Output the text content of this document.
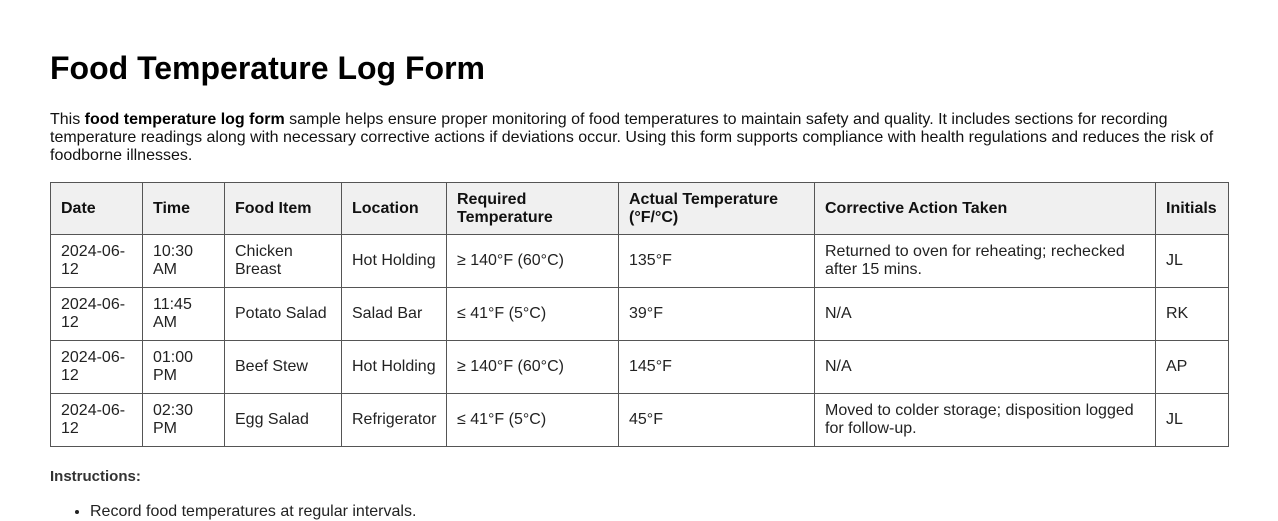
Food Temperature Log Form

This food temperature log form sample helps ensure proper monitoring of food temperatures to maintain safety and quality. It includes sections for recording temperature readings along with necessary corrective actions if deviations occur. Using this form supports compliance with health regulations and reduces the risk of foodborne illnesses.

Date	Time	Food Item	Location	Required Temperature	Actual Temperature (°F/°C)	Corrective Action Taken	Initials
2024-06-12	10:30 AM	Chicken Breast	Hot Holding	≥ 140°F (60°C)	135°F	Returned to oven for reheating; rechecked after 15 mins.	JL
2024-06-12	11:45 AM	Potato Salad	Salad Bar	≤ 41°F (5°C)	39°F	N/A	RK
2024-06-12	01:00 PM	Beef Stew	Hot Holding	≥ 140°F (60°C)	145°F	N/A	AP
2024-06-12	02:30 PM	Egg Salad	Refrigerator	≤ 41°F (5°C)	45°F	Moved to colder storage; disposition logged for follow-up.	JL
Instructions:
• Record food temperatures at regular intervals.
